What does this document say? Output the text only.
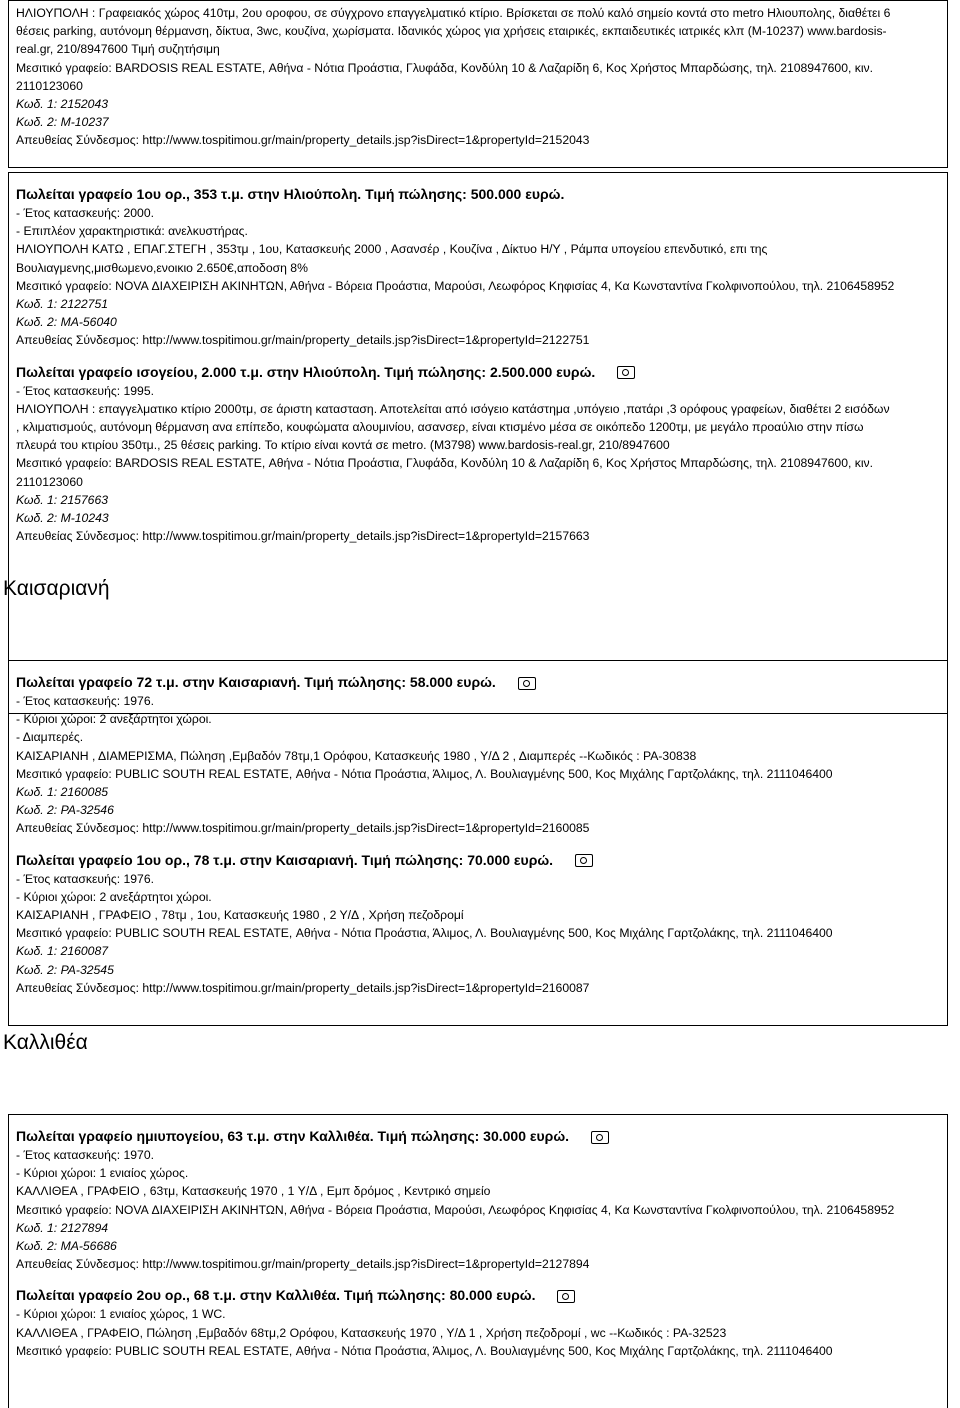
ΗΛΙΟΥΠΟΛΗ : Γραφειακός χώρος 410τμ, 2ου οροφου, σε σύγχροvo επαγγελματικό κτίριο. Βρίσκεται σε πολύ καλό σημείο κοντά στο metro Ηλιουπολης, διαθέτει 6
θέσεις parking, αυτόνομη θέρμανση, δίκτυα, 3wc, κουζίνα, χωρίσματα. Ιδανικός χώρος για χρήσεις εταιρικές, εκπαιδευτικές ιατρικές κλπ (Μ-10237) www.bardosis-
real.gr, 210/8947600 Τιμή συζητήσιμη
Μεσιτικό γραφείο: BARDOSIS REAL ESTATE, Αθήνα - Νότια Προάστια, Γλυφάδα, Κονδύλη 10 & Λαζαρίδη 6, Κος Χρήστος Μπαρδώσης, τηλ. 2108947600, κιν.
2110123060
Κωδ. 1: 2152043
Κωδ. 2: Μ-10237
Απευθείας Σύνδεσμος: http://www.tospitimou.gr/main/property_details.jsp?isDirect=1&propertyId=2152043
Πωλείται γραφείο 1ου ορ., 353 τ.μ. στην Ηλιούπολη. Τιμή πώλησης: 500.000 ευρώ.
- Έτος κατασκευής: 2000.
- Επιπλέον χαρακτηριστικά: ανελκυστήρας.
ΗΛΙΟΥΠΟΛΗ ΚΑΤΩ , ΕΠΑΓ.ΣΤΕΓΗ , 353τμ , 1ου, Κατασκευής 2000 , Ασανσέρ , Κουζίνα , Δίκτυο Η/Υ , Ράμπα υπογείου επενδυτικό, επι της
Βουλιαγμενης,μισθωμενο,ενοικιο 2.650€,αποδοση 8%
Μεσιτικό γραφείο: NOVA ΔΙΑΧΕΙΡΙΣΗ ΑΚΙΝΗΤΩΝ, Αθήνα - Βόρεια Προάστια, Μαρούσι, Λεωφόρος Κηφισίας 4, Κα Κωνσταντίνα Γκολφινοπούλου, τηλ. 2106458952
Κωδ. 1: 2122751
Κωδ. 2: ΜΑ-56040
Απευθείας Σύνδεσμος: http://www.tospitimou.gr/main/property_details.jsp?isDirect=1&propertyId=2122751
Πωλείται γραφείο ισογείου, 2.000 τ.μ. στην Ηλιούπολη. Τιμή πώλησης: 2.500.000 ευρώ.
- Έτος κατασκευής: 1995.
ΗΛΙΟΥΠΟΛΗ : επαγγελματικο κτίριο 2000τμ, σε άριστη κατασταση. Αποτελείται από ισόγειο κατάστημα ,υπόγειο ,πατάρι ,3 ορόφους γραφείων, διαθέτει 2 εισόδων
, κλιματισμούς, αυτόνομη θέρμανση ανα επίπεδο, κουφώματα αλουμινίου, ασανσερ, είναι κτισμένο μέσα σε οικόπεδο 1200τμ, με μεγάλο προαύλιο στην πίσω
πλευρά του κτιρίου 350τμ., 25 θέσεις parking. Το κτίριο είναι κοντά σε metro. (Μ3798) www.bardosis-real.gr, 210/8947600
Μεσιτικό γραφείο: BARDOSIS REAL ESTATE, Αθήνα - Νότια Προάστια, Γλυφάδα, Κονδύλη 10 & Λαζαρίδη 6, Κος Χρήστος Μπαρδώσης, τηλ. 2108947600, κιν.
2110123060
Κωδ. 1: 2157663
Κωδ. 2: Μ-10243
Απευθείας Σύνδεσμος: http://www.tospitimou.gr/main/property_details.jsp?isDirect=1&propertyId=2157663
Καισαριανή
Πωλείται γραφείο 72 τ.μ. στην Καισαριανή. Τιμή πώλησης: 58.000 ευρώ.
- Έτος κατασκευής: 1976.
- Κύριοι χώροι: 2 ανεξάρτητοι χώροι.
- Διαμπερές.
ΚΑΙΣΑΡΙΑΝΗ , ΔΙΑΜΕΡΙΣΜΑ, Πώληση ,Εμβαδόν 78τμ,1 Ορόφου, Κατασκευής 1980 , Υ/Δ 2 , Διαμπερές --Κωδικός : PA-30838
Μεσιτικό γραφείο: PUBLIC SOUTH REAL ESTATE, Αθήνα - Νότια Προάστια, Άλιμος, Λ. Βουλιαγμένης 500, Κος Μιχάλης Γαρτζολάκης, τηλ. 2111046400
Κωδ. 1: 2160085
Κωδ. 2: PA-32546
Απευθείας Σύνδεσμος: http://www.tospitimou.gr/main/property_details.jsp?isDirect=1&propertyId=2160085
Πωλείται γραφείο 1ου ορ., 78 τ.μ. στην Καισαριανή. Τιμή πώλησης: 70.000 ευρώ.
- Έτος κατασκευής: 1976.
- Κύριοι χώροι: 2 ανεξάρτητοι χώροι.
ΚΑΙΣΑΡΙΑΝΗ , ΓΡΑΦΕΙΟ , 78τμ , 1ου, Κατασκευής 1980 , 2 Υ/Δ , Χρήση πεζοδρομί
Μεσιτικό γραφείο: PUBLIC SOUTH REAL ESTATE, Αθήνα - Νότια Προάστια, Άλιμος, Λ. Βουλιαγμένης 500, Κος Μιχάλης Γαρτζολάκης, τηλ. 2111046400
Κωδ. 1: 2160087
Κωδ. 2: PA-32545
Απευθείας Σύνδεσμος: http://www.tospitimou.gr/main/property_details.jsp?isDirect=1&propertyId=2160087
Καλλιθέα
Πωλείται γραφείο ημιυπογείου, 63 τ.μ. στην Καλλιθέα. Τιμή πώλησης: 30.000 ευρώ.
- Έτος κατασκευής: 1970.
- Κύριοι χώροι: 1 ενιαίος χώρος.
ΚΑΛΛΙΘΕΑ , ΓΡΑΦΕΙΟ , 63τμ, Κατασκευής 1970 , 1 Υ/Δ , Εμπ δρόμος , Κεντρικό σημείο
Μεσιτικό γραφείο: NOVA ΔΙΑΧΕΙΡΙΣΗ ΑΚΙΝΗΤΩΝ, Αθήνα - Βόρεια Προάστια, Μαρούσι, Λεωφόρος Κηφισίας 4, Κα Κωνσταντίνα Γκολφινοπούλου, τηλ. 2106458952
Κωδ. 1: 2127894
Κωδ. 2: ΜΑ-56686
Απευθείας Σύνδεσμος: http://www.tospitimou.gr/main/property_details.jsp?isDirect=1&propertyId=2127894
Πωλείται γραφείο 2ου ορ., 68 τ.μ. στην Καλλιθέα. Τιμή πώλησης: 80.000 ευρώ.
- Κύριοι χώροι: 1 ενιαίος χώρος, 1 WC.
ΚΑΛΛΙΘΕΑ , ΓΡΑΦΕΙΟ, Πώληση ,Εμβαδόν 68τμ,2 Ορόφου, Κατασκευής 1970 , Υ/Δ 1 , Χρήση πεζοδρομί , wc --Κωδικός : PA-32523
Μεσιτικό γραφείο: PUBLIC SOUTH REAL ESTATE, Αθήνα - Νότια Προάστια, Άλιμος, Λ. Βουλιαγμένης 500, Κος Μιχάλης Γαρτζολάκης, τηλ. 2111046400
